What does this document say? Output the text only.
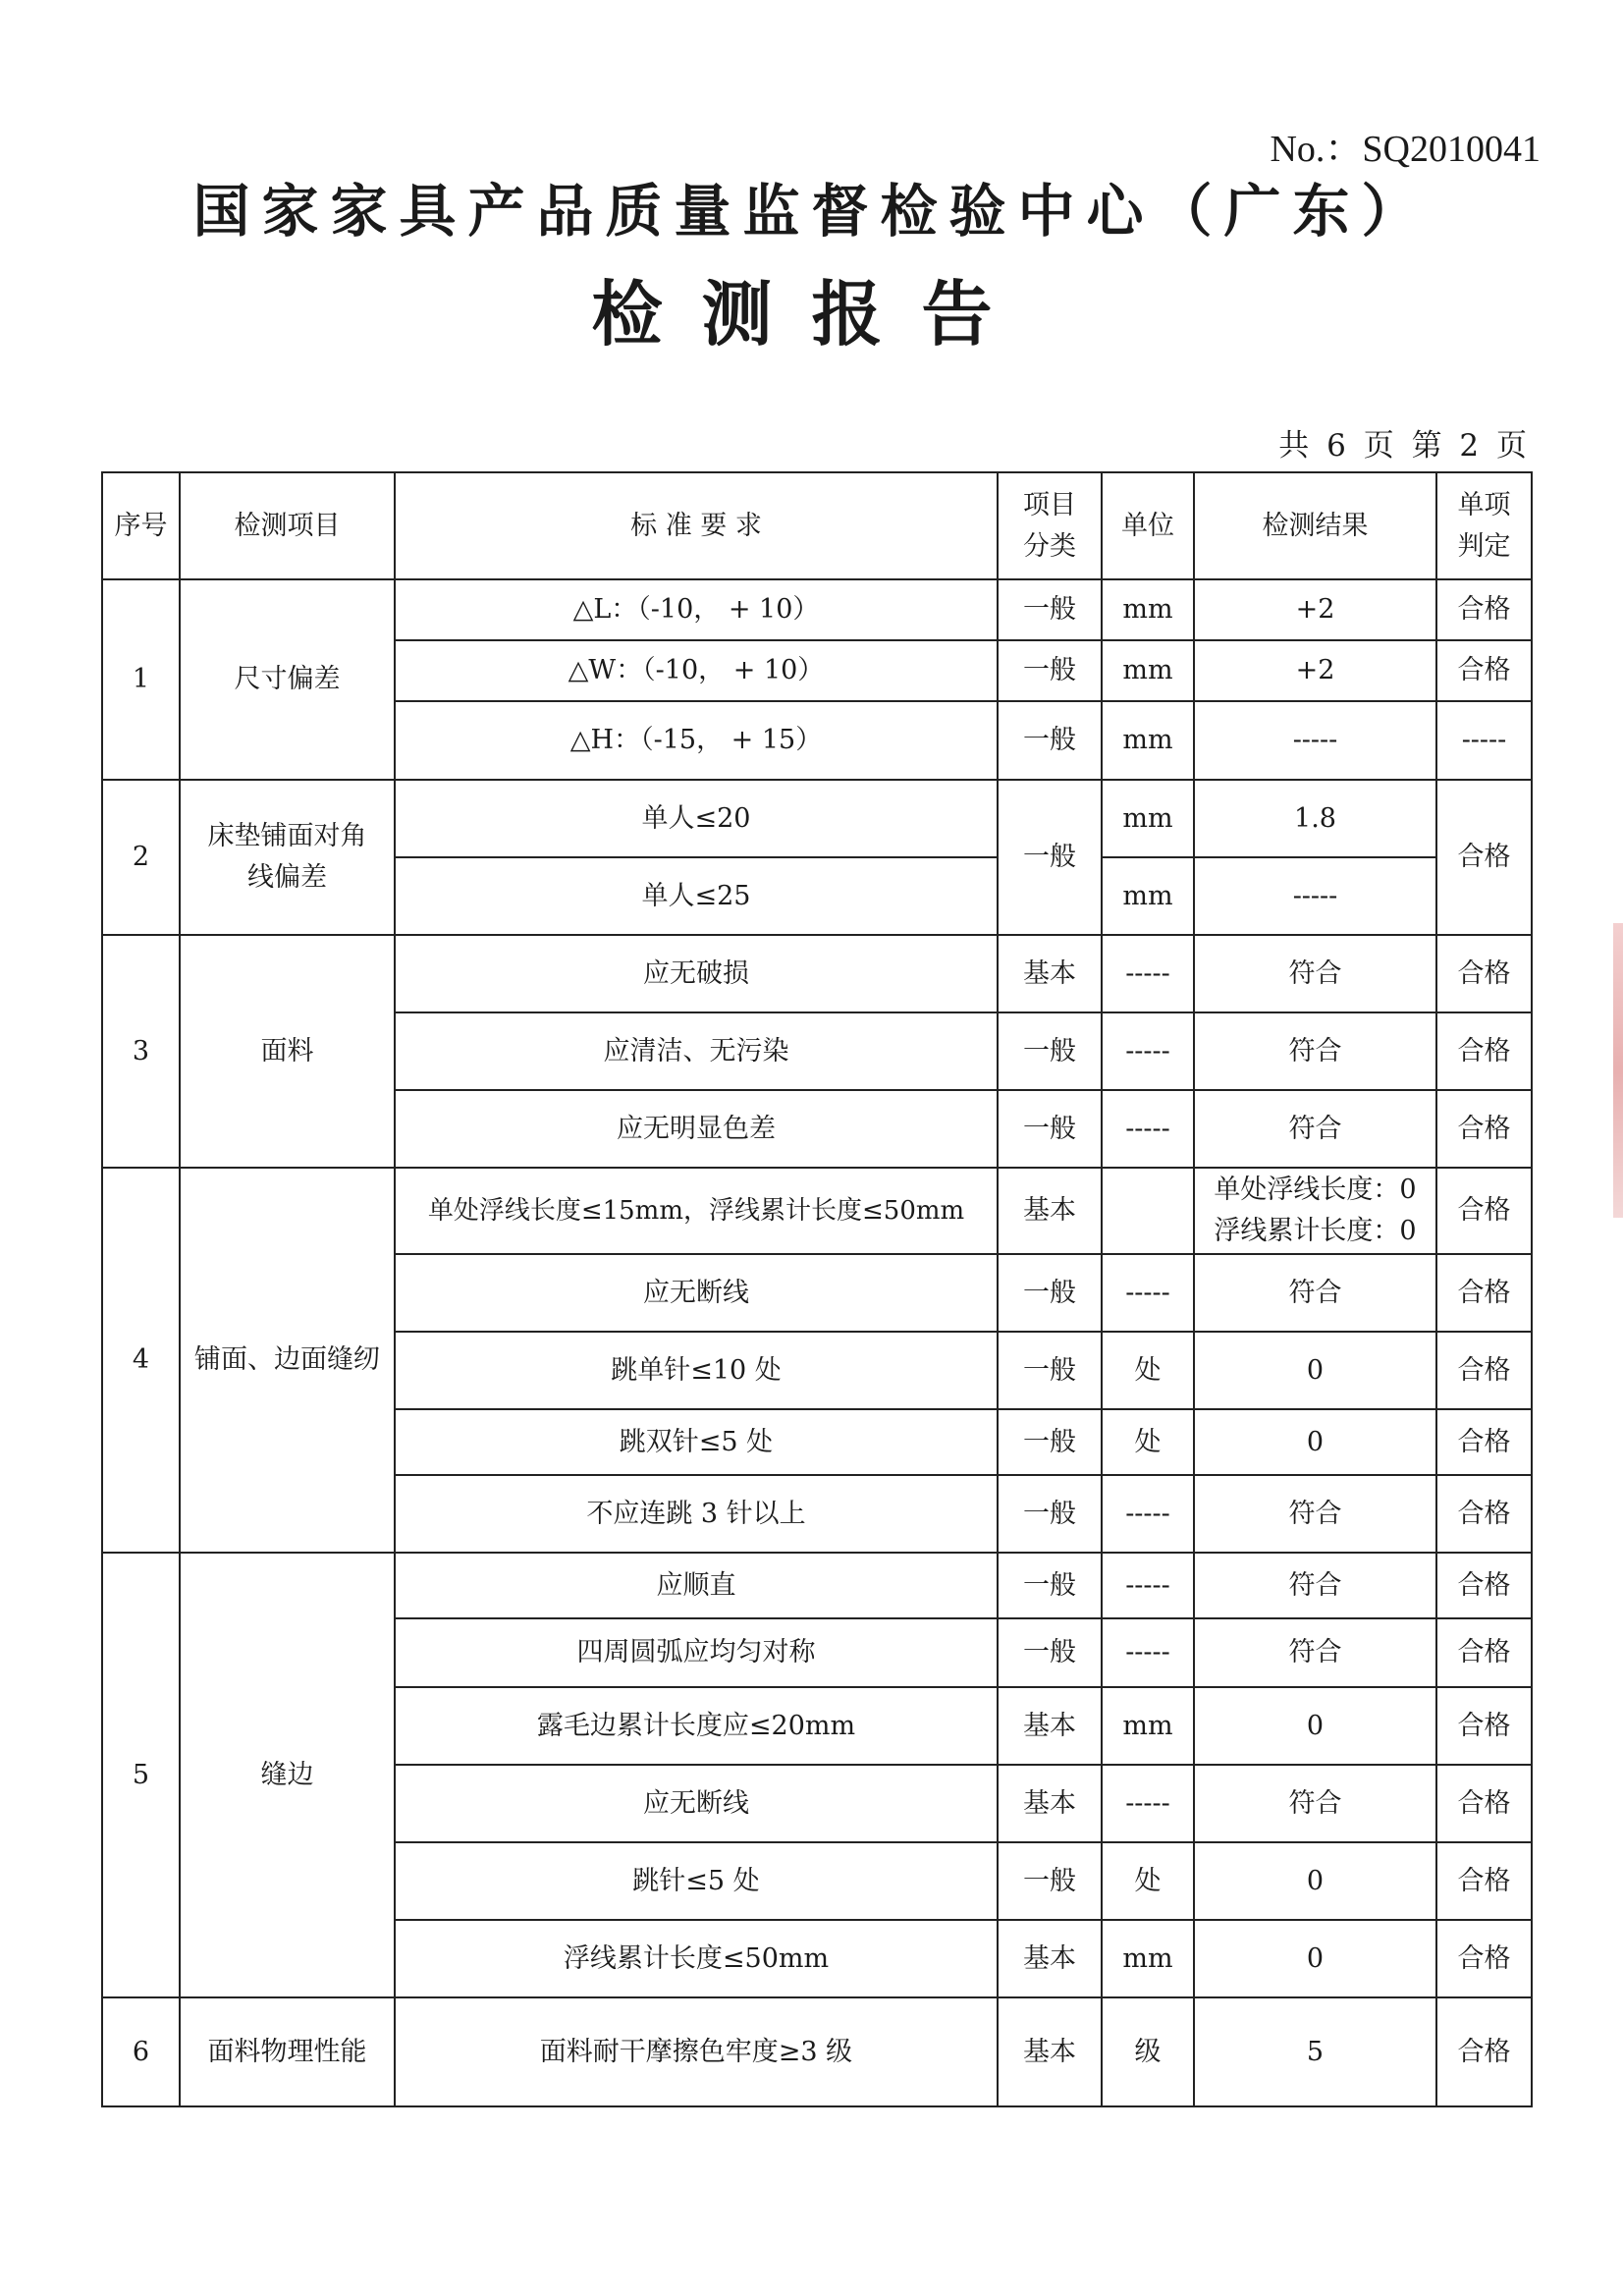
No.：SQ2010041
国家家具产品质量监督检验中心（广东）
检测报告
共 6 页 第 2 页
序号	检测项目	标 准 要 求	项目分类	单位	检测结果	单项判定
1	尺寸偏差	△L：（-10， + 10）	一般	mm	+2	合格
		△W：（-10， + 10）	一般	mm	+2	合格
		△H：（-15， + 15）	一般	mm	-----	-----
2	床垫铺面对角线偏差	单人≤20	一般	mm	1.8	合格
		单人≤25		mm	-----	
3	面料	应无破损	基本	-----	符合	合格
		应清洁、无污染	一般	-----	符合	合格
		应无明显色差	一般	-----	符合	合格
4	铺面、边面缝纫	单处浮线长度≤15mm，浮线累计长度≤50mm	基本		单处浮线长度：0
浮线累计长度：0	合格
		应无断线	一般	-----	符合	合格
		跳单针≤10 处	一般	处	0	合格
		跳双针≤5 处	一般	处	0	合格
		不应连跳 3 针以上	一般	-----	符合	合格
5	缝边	应顺直	一般	-----	符合	合格
		四周圆弧应均匀对称	一般	-----	符合	合格
		露毛边累计长度应≤20mm	基本	mm	0	合格
		应无断线	基本	-----	符合	合格
		跳针≤5 处	一般	处	0	合格
		浮线累计长度≤50mm	基本	mm	0	合格
6	面料物理性能	面料耐干摩擦色牢度≥3 级	基本	级	5	合格
